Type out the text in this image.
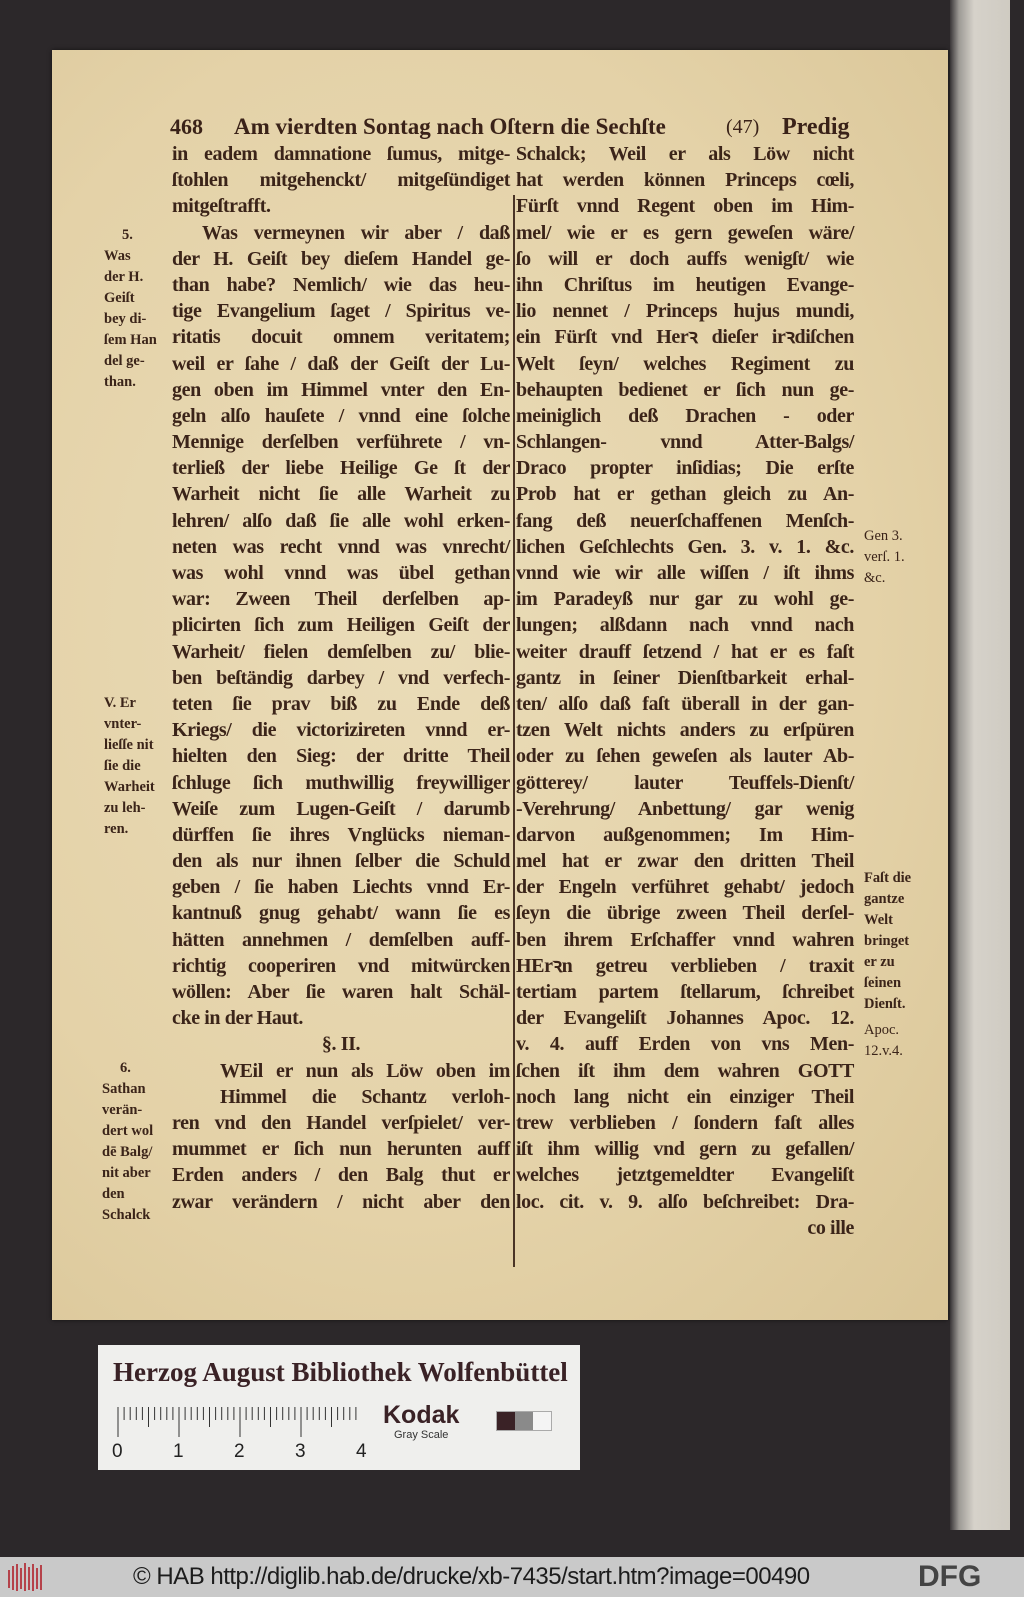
468 Am vierdten Sontag nach Oſtern die Sechſte	(47) Predig
in eadem damnatione ſumus, mitge-
ſtohlen mitgehenckt/ mitgeſündiget
mitgeſtrafft.
Was vermeynen wir aber / daß
der H. Geiſt bey dieſem Handel ge-
than habe? Nemlich/ wie das heu-
tige Evangelium ſaget / Spiritus ve-
ritatis docuit omnem veritatem;
weil er ſahe / daß der Geiſt der Lu-
gen oben im Himmel vnter den En-
geln alſo hauſete / vnnd eine ſolche
Mennige derſelben verführete / vn-
terließ der liebe Heilige Ge ſt der
Warheit nicht ſie alle Warheit zu
lehren/ alſo daß ſie alle wohl erken-
neten was recht vnnd was vnrecht/
was wohl vnnd was übel gethan
war: Zween Theil derſelben ap-
plicirten ſich zum Heiligen Geiſt der
Warheit/ fielen demſelben zu/ blie-
ben beſtändig darbey / vnd verfech-
teten ſie prav biß zu Ende deß
Kriegs/ die victorizireten vnnd er-
hielten den Sieg: der dritte Theil
ſchluge ſich muthwillig freywilliger
Weiſe zum Lugen-Geiſt / darumb
dürffen ſie ihres Vnglücks nieman-
den als nur ihnen ſelber die Schuld
geben / ſie haben Liechts vnnd Er-
kantnuß gnug gehabt/ wann ſie es
hätten annehmen / demſelben auff-
richtig cooperiren vnd mitwürcken
wöllen: Aber ſie waren halt Schäl-
cke in der Haut.
§. II.
WEil er nun als Löw oben im
Himmel die Schantz verloh-
ren vnd den Handel verſpielet/ ver-
mummet er ſich nun herunten auff
Erden anders / den Balg thut er
zwar verändern / nicht aber den
Schalck; Weil er als Löw nicht
hat werden können Princeps cœli,
Fürſt vnnd Regent oben im Him-
mel/ wie er es gern geweſen wäre/
ſo will er doch auffs wenigſt/ wie
ihn Chriſtus im heutigen Evange-
lio nennet / Princeps hujus mundi,
ein Fürſt vnd Herꝛ dieſer irꝛdiſchen
Welt ſeyn/ welches Regiment zu
behaupten bedienet er ſich nun ge-
meiniglich deß Drachen - oder
Schlangen- vnnd Atter-Balgs/
Draco propter inſidias; Die erſte
Prob hat er gethan gleich zu An-
fang deß neuerſchaffenen Menſch-
lichen Geſchlechts Gen. 3. v. 1. &c.
vnnd wie wir alle wiſſen / iſt ihms
im Paradeyß nur gar zu wohl ge-
lungen; alßdann nach vnnd nach
weiter drauff ſetzend / hat er es faſt
gantz in ſeiner Dienſtbarkeit erhal-
ten/ alſo daß faſt überall in der gan-
tzen Welt nichts anders zu erſpüren
oder zu ſehen geweſen als lauter Ab-
götterey/ lauter Teuffels-Dienſt/
-Verehrung/ Anbettung/ gar wenig
darvon außgenommen; Im Him-
mel hat er zwar den dritten Theil
der Engeln verführet gehabt/ jedoch
ſeyn die übrige zween Theil derſel-
ben ihrem Erſchaffer vnnd wahren
HErꝛn getreu verblieben / traxit
tertiam partem ſtellarum, ſchreibet
der Evangeliſt Johannes Apoc. 12.
v. 4. auff Erden von vns Men-
ſchen iſt ihm dem wahren GOTT
noch lang nicht ein einziger Theil
trew verblieben / ſondern faſt alles
iſt ihm willig vnd gern zu gefallen/
welches jetztgemeldter Evangeliſt
loc. cit. v. 9. alſo beſchreibet: Dra-
co ille
5.
Was
der H.
Geiſt
bey di-
ſem Han
del ge-
than.
V. Er
vnter-
lieſſe nit
ſie die
Warheit
zu leh-
ren.
6.
Sathan
verän-
dert wol
dē Balg/
nit aber
den
Schalck
Gen 3.
verſ. 1.
&c.
Faſt die
gantze
Welt
bringet
er zu
ſeinen
Dienſt.
Apoc.
12.v.4.
Herzog August Bibliothek Wolfenbüttel
0	1	2	3	4
Kodak
Gray Scale
© HAB http://diglib.hab.de/drucke/xb-7435/start.htm?image=00490	DFG
